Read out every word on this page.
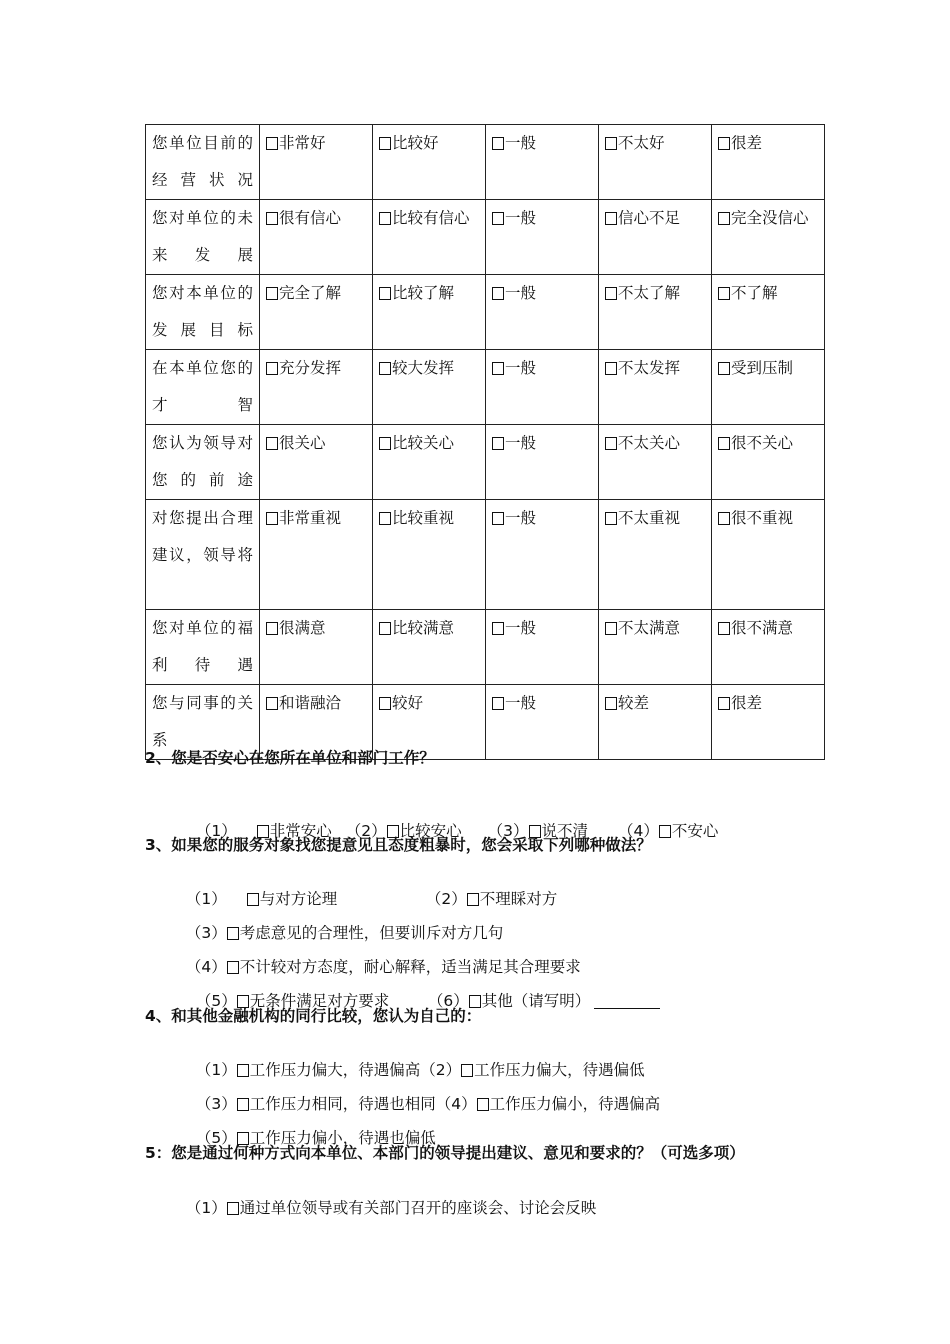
您单位目前的经营状况	非常好	比较好	一般	不太好	很差
您对单位的未来发展	很有信心	比较有信心	一般	信心不足	完全没信心
您对本单位的发展目标	完全了解	比较了解	一般	不太了解	不了解
在本单位您的才智	充分发挥	较大发挥	一般	不太发挥	受到压制
您认为领导对您的前途	很关心	比较关心	一般	不太关心	很不关心
对您提出合理建议，领导将	非常重视	比较重视	一般	不太重视	很不重视
您对单位的福利待遇	很满意	比较满意	一般	不太满意	很不满意
您与同事的关系	和谐融洽	较好	一般	较差	很差
2、您是否安心在您所在单位和部门工作？

（1） 非常安心 （2） 比较安心 （3） 说不清 （4） 不安心

3、如果您的服务对象找您提意见且态度粗暴时，您会采取下列哪种做法？

（1） 与对方论理	（2） 不理睬对方

（3） 考虑意见的合理性，但要训斥对方几句

（4） 不计较对方态度，耐心解释，适当满足其合理要求

（5） 无条件满足对方要求	（6） 其他（请写明）

4、和其他金融机构的同行比较，您认为自己的：

（1） 工作压力偏大，待遇偏高（2） 工作压力偏大，待遇偏低

（3） 工作压力相同，待遇也相同（4） 工作压力偏小，待遇偏高

（5） 工作压力偏小，待遇也偏低

5：您是通过何种方式向本单位、本部门的领导提出建议、意见和要求的？（可选多项）

（1） 通过单位领导或有关部门召开的座谈会、讨论会反映
